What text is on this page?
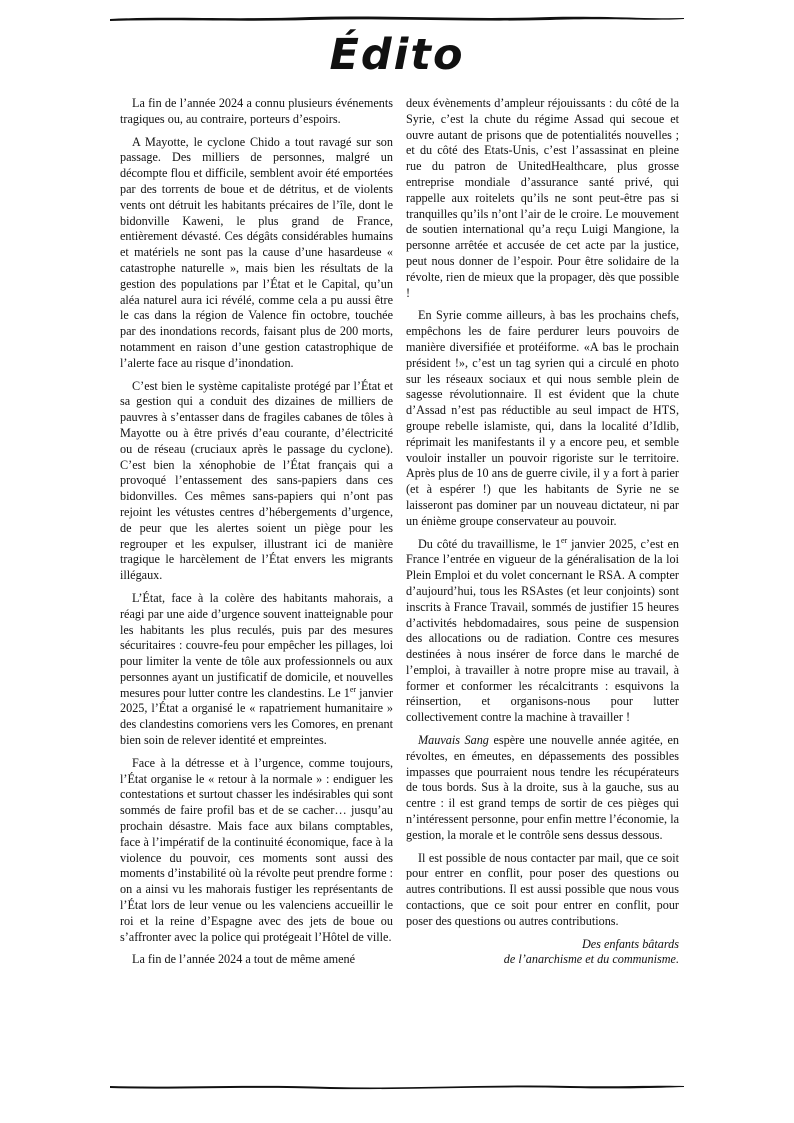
Édito

La fin de l’année 2024 a connu plusieurs événements tragiques ou, au contraire, porteurs d’espoirs.

A Mayotte, le cyclone Chido a tout ravagé sur son passage. Des milliers de personnes, malgré un décompte flou et difficile, semblent avoir été emportées par des torrents de boue et de détritus, et de violents vents ont détruit les habitants précaires de l’île, dont le bidonville Kaweni, le plus grand de France, entièrement dévasté. Ces dégâts considérables humains et matériels ne sont pas la cause d’une hasardeuse « catastrophe naturelle », mais bien les résultats de la gestion des populations par l’État et le Capital, qu’un aléa naturel aura ici révélé, comme cela a pu aussi être le cas dans la région de Valence fin octobre, touchée par des inondations records, faisant plus de 200 morts, notamment en raison d’une gestion catastrophique de l’alerte face au risque d’inondation.

C’est bien le système capitaliste protégé par l’État et sa gestion qui a conduit des dizaines de milliers de pauvres à s’entasser dans de fragiles cabanes de tôles à Mayotte ou à être privés d’eau courante, d’électricité ou de réseau (cruciaux après le passage du cyclone). C’est bien la xénophobie de l’État français qui a provoqué l’entassement des sans-papiers dans ces bidonvilles. Ces mêmes sans-papiers qui n’ont pas rejoint les vétustes centres d’hébergements d’urgence, de peur que les alertes soient un piège pour les regrouper et les expulser, illustrant ici de manière tragique le harcèlement de l’État envers les migrants illégaux.

L’État, face à la colère des habitants mahorais, a réagi par une aide d’urgence souvent inatteignable pour les habitants les plus reculés, puis par des mesures sécuritaires : couvre-feu pour empêcher les pillages, loi pour limiter la vente de tôle aux professionnels ou aux personnes ayant un justificatif de domicile, et nouvelles mesures pour lutter contre les clandestins. Le 1er janvier 2025, l’État a organisé le « rapatriement humanitaire » des clandestins comoriens vers les Comores, en prenant bien soin de relever identité et empreintes.

Face à la détresse et à l’urgence, comme toujours, l’État organise le « retour à la normale » : endiguer les contestations et surtout chasser les indésirables qui sont sommés de faire profil bas et de se cacher… jusqu’au prochain désastre. Mais face aux bilans comptables, face à l’impératif de la continuité économique, face à la violence du pouvoir, ces moments sont aussi des moments d’instabilité où la révolte peut prendre forme : on a ainsi vu les mahorais fustiger les représentants de l’État lors de leur venue ou les valenciens accueillir le roi et la reine d’Espagne avec des jets de boue ou s’affronter avec la police qui protégeait l’Hôtel de ville.

La fin de l’année 2024 a tout de même amené

deux évènements d’ampleur réjouissants : du côté de la Syrie, c’est la chute du régime Assad qui secoue et ouvre autant de prisons que de potentialités nouvelles ; et du côté des Etats-Unis, c’est l’assassinat en pleine rue du patron de UnitedHealthcare, plus grosse entreprise mondiale d’assurance santé privé, qui rappelle aux roitelets qu’ils ne sont peut-être pas si tranquilles qu’ils n’ont l’air de le croire. Le mouvement de soutien international qu’a reçu Luigi Mangione, la personne arrêtée et accusée de cet acte par la justice, peut nous donner de l’espoir. Pour être solidaire de la révolte, rien de mieux que la propager, dès que possible !

En Syrie comme ailleurs, à bas les prochains chefs, empêchons les de faire perdurer leurs pouvoirs de manière diversifiée et protéiforme. «A bas le prochain président !», c’est un tag syrien qui a circulé en photo sur les réseaux sociaux et qui nous semble plein de sagesse révolutionnaire. Il est évident que la chute d’Assad n’est pas réductible au seul impact de HTS, groupe rebelle islamiste, qui, dans la localité d’Idlib, réprimait les manifestants il y a encore peu, et semble vouloir installer un pouvoir rigoriste sur le territoire. Après plus de 10 ans de guerre civile, il y a fort à parier (et à espérer !) que les habitants de Syrie ne se laisseront pas dominer par un nouveau dictateur, ni par un énième groupe conservateur au pouvoir.

Du côté du travaillisme, le 1er janvier 2025, c’est en France l’entrée en vigueur de la généralisation de la loi Plein Emploi et du volet concernant le RSA. A compter d’aujourd’hui, tous les RSAstes (et leur conjoints) sont inscrits à France Travail, sommés de justifier 15 heures d’activités hebdomadaires, sous peine de suspension des allocations ou de radiation. Contre ces mesures destinées à nous insérer de force dans le marché de l’emploi, à travailler à notre propre mise au travail, à former et conformer les récalcitrants : esquivons la réinsertion, et organisons-nous pour lutter collectivement contre la machine à travailler !

Mauvais Sang espère une nouvelle année agitée, en révoltes, en émeutes, en dépassements des possibles impasses que pourraient nous tendre les récupérateurs de tous bords. Sus à la droite, sus à la gauche, sus au centre : il est grand temps de sortir de ces pièges qui n’intéressent personne, pour enfin mettre l’économie, la gestion, la morale et le contrôle sens dessus dessous.

Il est possible de nous contacter par mail, que ce soit pour entrer en conflit, pour poser des questions ou autres contributions. Il est aussi possible que nous vous contactions, que ce soit pour entrer en conflit, pour poser des questions ou autres contributions.

Des enfants bâtards
de l’anarchisme et du communisme.
